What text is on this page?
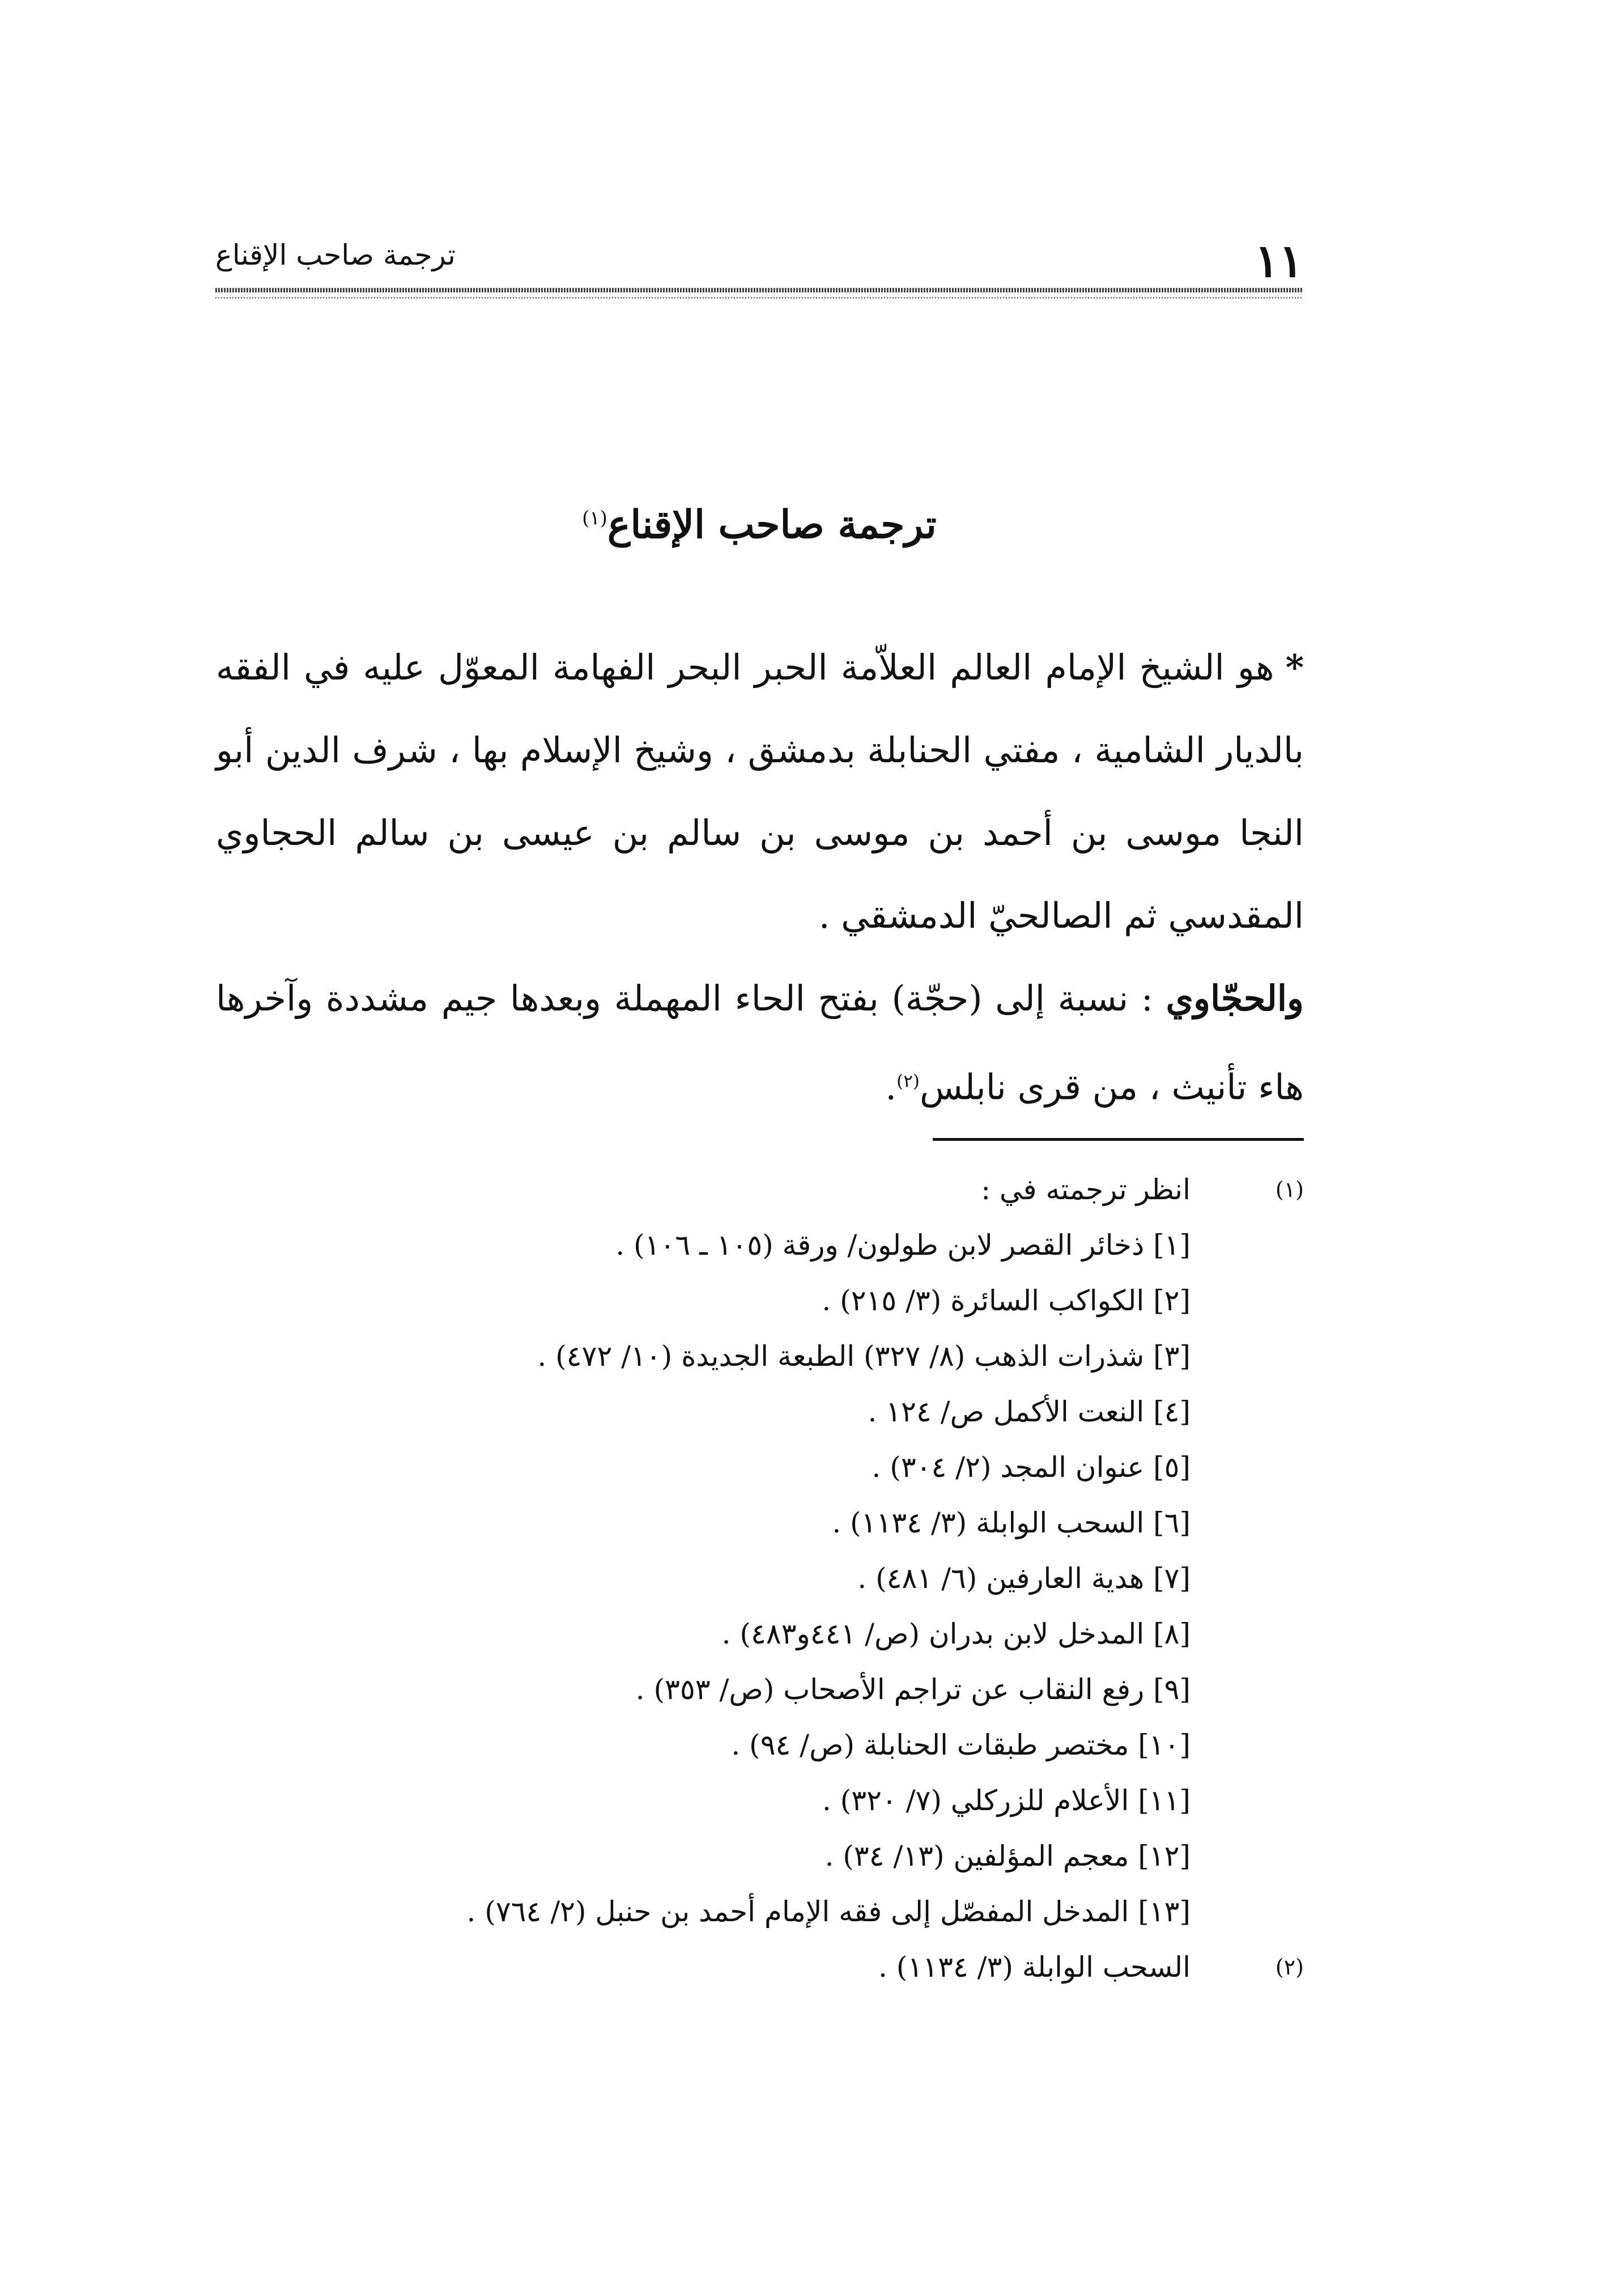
١١
ترجمة صاحب الإقناع
ترجمة صاحب الإقناع$^{(١)}$

*هو الشيخ الإمام العالم العلاّمة الحبر البحر الفهامة المعوّل عليه في الفقه بالديار الشامية ، مفتي الحنابلة بدمشق ، وشيخ الإسلام بها ، شرف الدين أبو النجا موسى بن أحمد بن موسى بن سالم بن عيسى بن سالم الحجاوي المقدسي ثم الصالحيّ الدمشقي .

والحجّاوي : نسبة إلى (حجّة) بفتح الحاء المهملة وبعدها جيم مشددة وآخرها هاء تأنيث ، من قرى نابلس$^{(٢)}$.

(١)
انظر ترجمته في :
[١] ذخائر القصر لابن طولون/ ورقة (١٠٥ ـ ١٠٦) .
[٢] الكواكب السائرة (٣/ ٢١٥) .
[٣] شذرات الذهب (٨/ ٣٢٧) الطبعة الجديدة (١٠/ ٤٧٢) .
[٤] النعت الأكمل ص/ ١٢٤ .
[٥] عنوان المجد (٢/ ٣٠٤) .
[٦] السحب الوابلة (٣/ ١١٣٤) .
[٧] هدية العارفين (٦/ ٤٨١) .
[٨] المدخل لابن بدران (ص/ ٤٤١و٤٨٣) .
[٩] رفع النقاب عن تراجم الأصحاب (ص/ ٣٥٣) .
[١٠] مختصر طبقات الحنابلة (ص/ ٩٤) .
[١١] الأعلام للزركلي (٧/ ٣٢٠) .
[١٢] معجم المؤلفين (١٣/ ٣٤) .
[١٣] المدخل المفصّل إلى فقه الإمام أحمد بن حنبل (٢/ ٧٦٤) .
(٢)
السحب الوابلة (٣/ ١١٣٤) .
